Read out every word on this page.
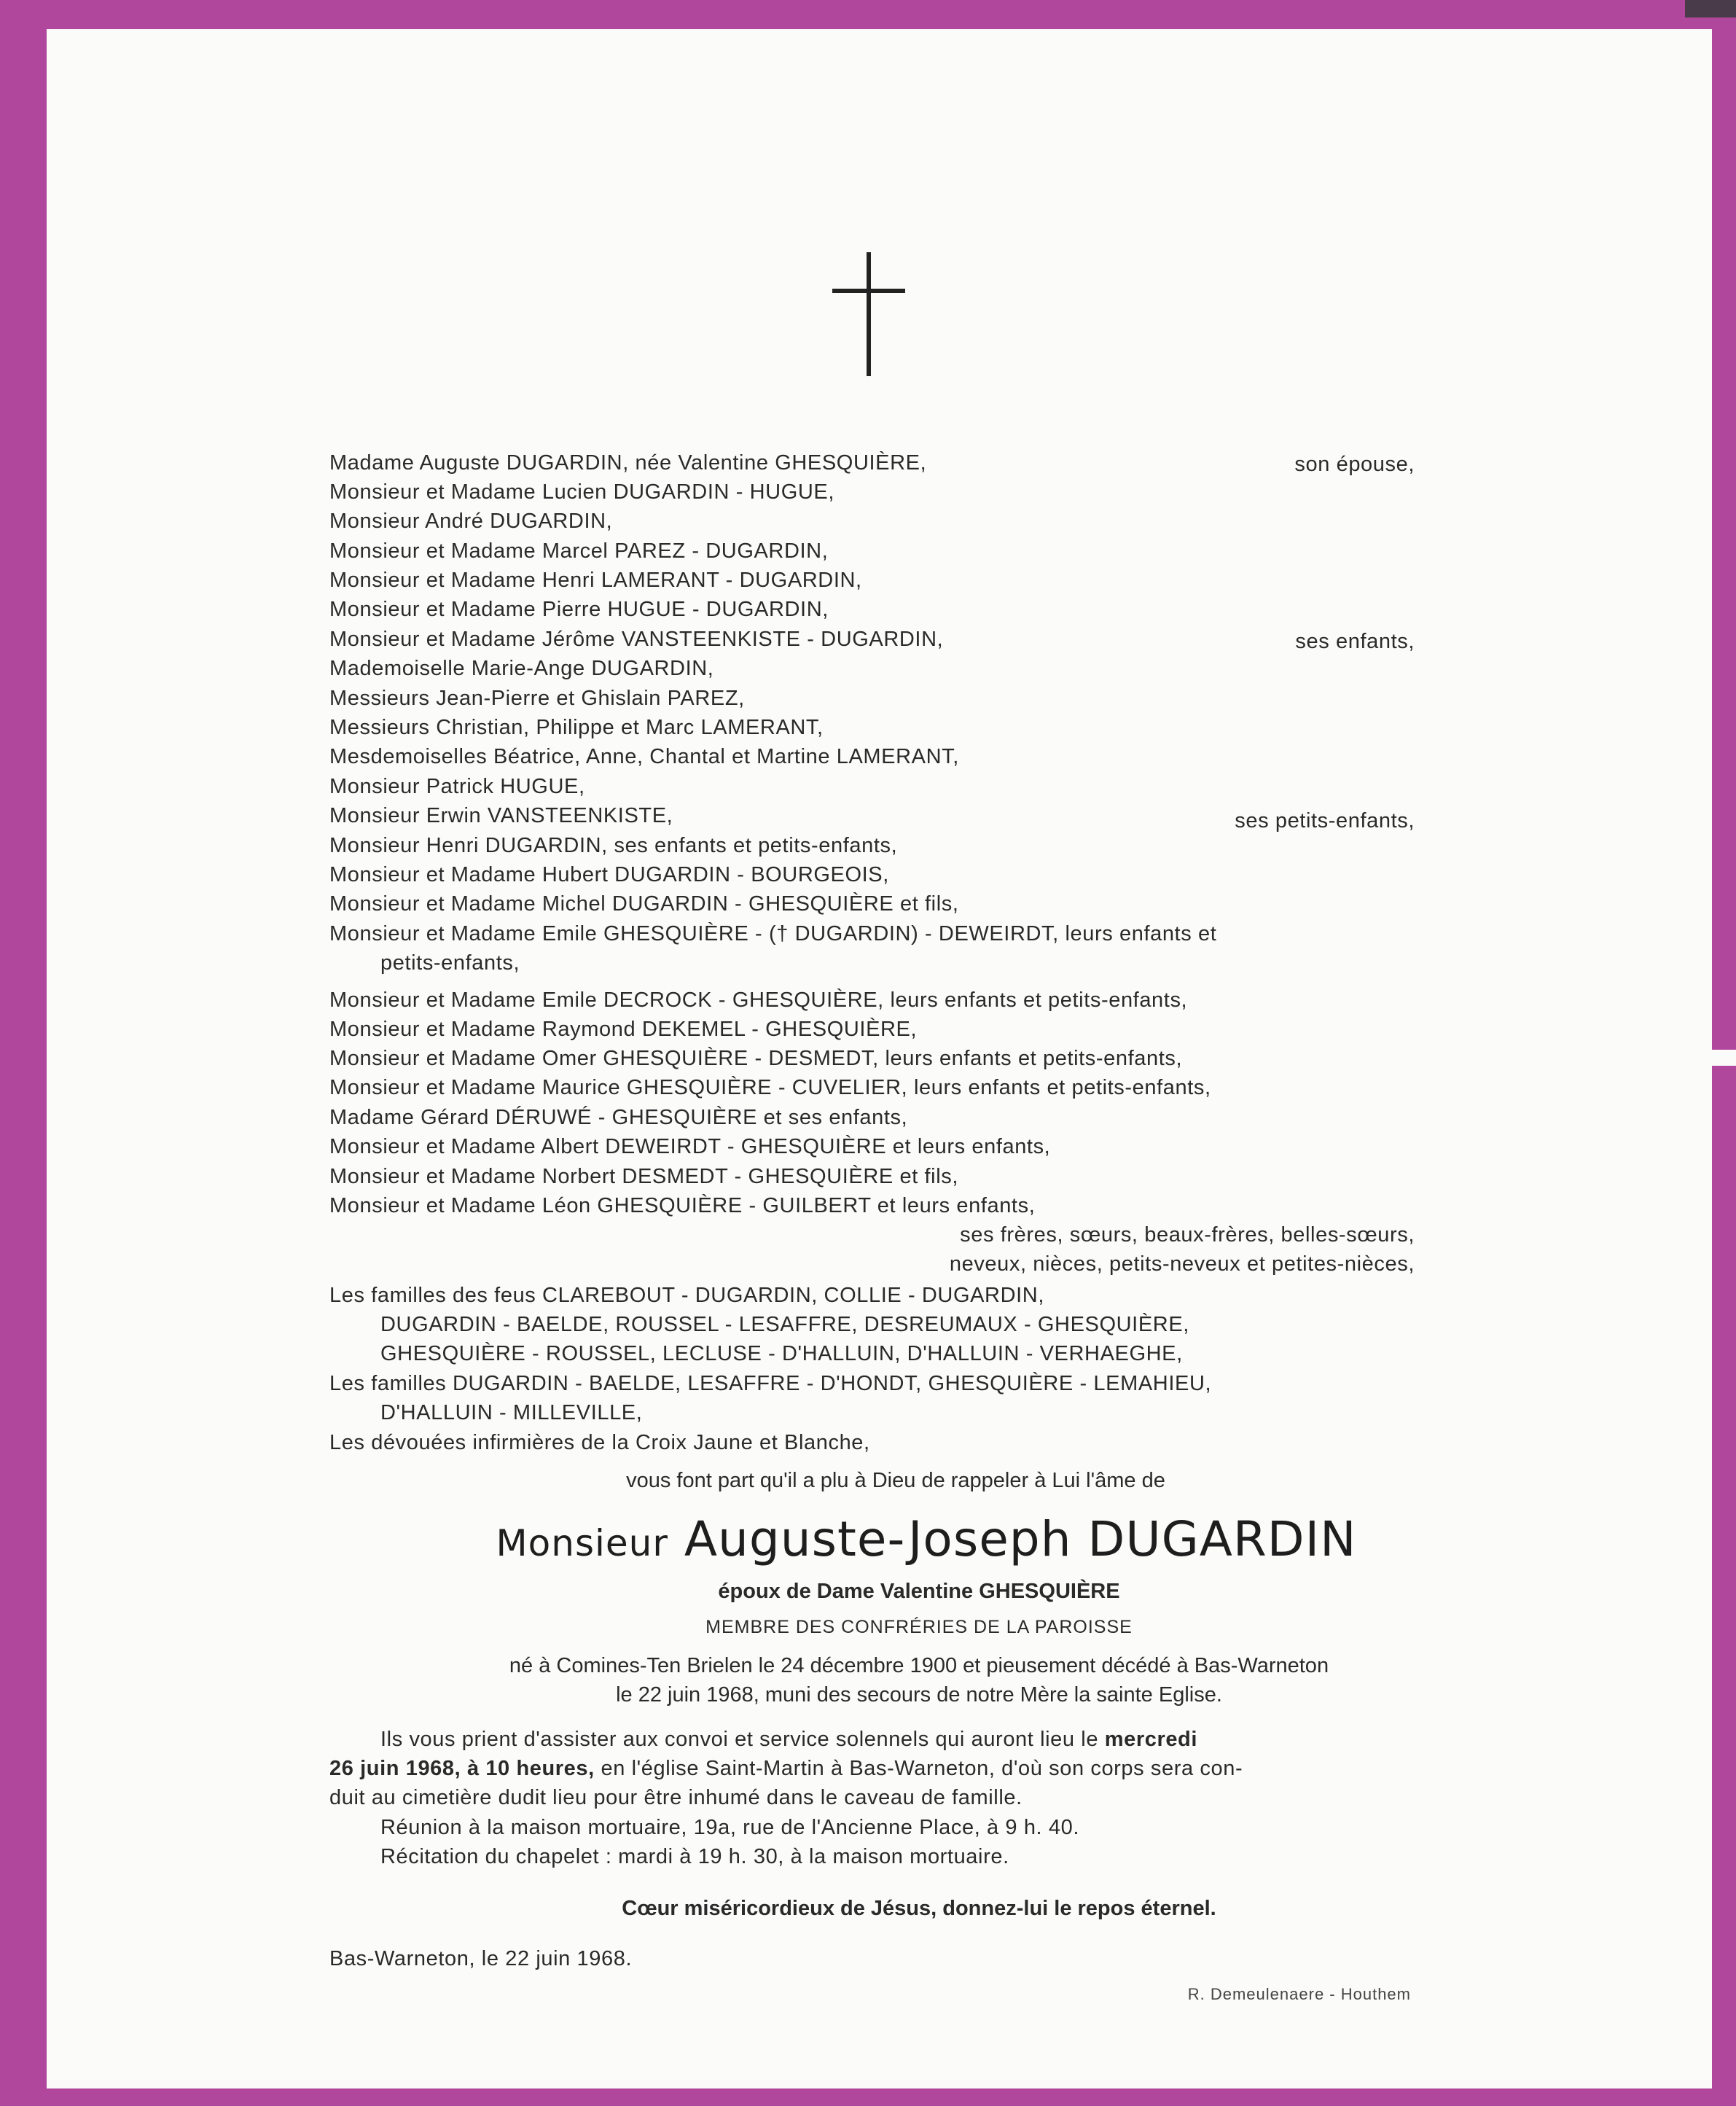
Madame Auguste DUGARDIN, née Valentine GHESQUIÈRE,
Monsieur et Madame Lucien DUGARDIN - HUGUE,
Monsieur André DUGARDIN,
Monsieur et Madame Marcel PAREZ - DUGARDIN,
Monsieur et Madame Henri LAMERANT - DUGARDIN,
Monsieur et Madame Pierre HUGUE - DUGARDIN,
Monsieur et Madame Jérôme VANSTEENKISTE - DUGARDIN,
Mademoiselle Marie-Ange DUGARDIN,
Messieurs Jean-Pierre et Ghislain PAREZ,
Messieurs Christian, Philippe et Marc LAMERANT,
Mesdemoiselles Béatrice, Anne, Chantal et Martine LAMERANT,
Monsieur Patrick HUGUE,
Monsieur Erwin VANSTEENKISTE,
Monsieur Henri DUGARDIN, ses enfants et petits-enfants,
Monsieur et Madame Hubert DUGARDIN - BOURGEOIS,
Monsieur et Madame Michel DUGARDIN - GHESQUIÈRE et fils,
Monsieur et Madame Emile GHESQUIÈRE - († DUGARDIN) - DEWEIRDT, leurs enfants et
petits-enfants,
Monsieur et Madame Emile DECROCK - GHESQUIÈRE, leurs enfants et petits-enfants,
Monsieur et Madame Raymond DEKEMEL - GHESQUIÈRE,
Monsieur et Madame Omer GHESQUIÈRE - DESMEDT, leurs enfants et petits-enfants,
Monsieur et Madame Maurice GHESQUIÈRE - CUVELIER, leurs enfants et petits-enfants,
Madame Gérard DÉRUWÉ - GHESQUIÈRE et ses enfants,
Monsieur et Madame Albert DEWEIRDT - GHESQUIÈRE et leurs enfants,
Monsieur et Madame Norbert DESMEDT - GHESQUIÈRE et fils,
Monsieur et Madame Léon GHESQUIÈRE - GUILBERT et leurs enfants,
ses frères, sœurs, beaux-frères, belles-sœurs,
neveux, nièces, petits-neveux et petites-nièces,
Les familles des feus CLAREBOUT - DUGARDIN, COLLIE - DUGARDIN,
DUGARDIN - BAELDE, ROUSSEL - LESAFFRE, DESREUMAUX - GHESQUIÈRE,
GHESQUIÈRE - ROUSSEL, LECLUSE - D'HALLUIN, D'HALLUIN - VERHAEGHE,
Les familles DUGARDIN - BAELDE, LESAFFRE - D'HONDT, GHESQUIÈRE - LEMAHIEU,
D'HALLUIN - MILLEVILLE,
Les dévouées infirmières de la Croix Jaune et Blanche,
son épouse,
ses enfants,
ses petits-enfants,
vous font part qu'il a plu à Dieu de rappeler à Lui l'âme de
Monsieur Auguste-Joseph DUGARDIN
époux de Dame Valentine GHESQUIÈRE
MEMBRE DES CONFRÉRIES DE LA PAROISSE
né à Comines-Ten Brielen le 24 décembre 1900 et pieusement décédé à Bas-Warneton
le 22 juin 1968, muni des secours de notre Mère la sainte Eglise.
Ils vous prient d'assister aux convoi et service solennels qui auront lieu le mercredi
26 juin 1968, à 10 heures, en l'église Saint-Martin à Bas-Warneton, d'où son corps sera con-
duit au cimetière dudit lieu pour être inhumé dans le caveau de famille.
Réunion à la maison mortuaire, 19a, rue de l'Ancienne Place, à 9 h. 40.
Récitation du chapelet : mardi à 19 h. 30, à la maison mortuaire.
Cœur miséricordieux de Jésus, donnez-lui le repos éternel.
Bas-Warneton, le 22 juin 1968.
R. Demeulenaere - Houthem
